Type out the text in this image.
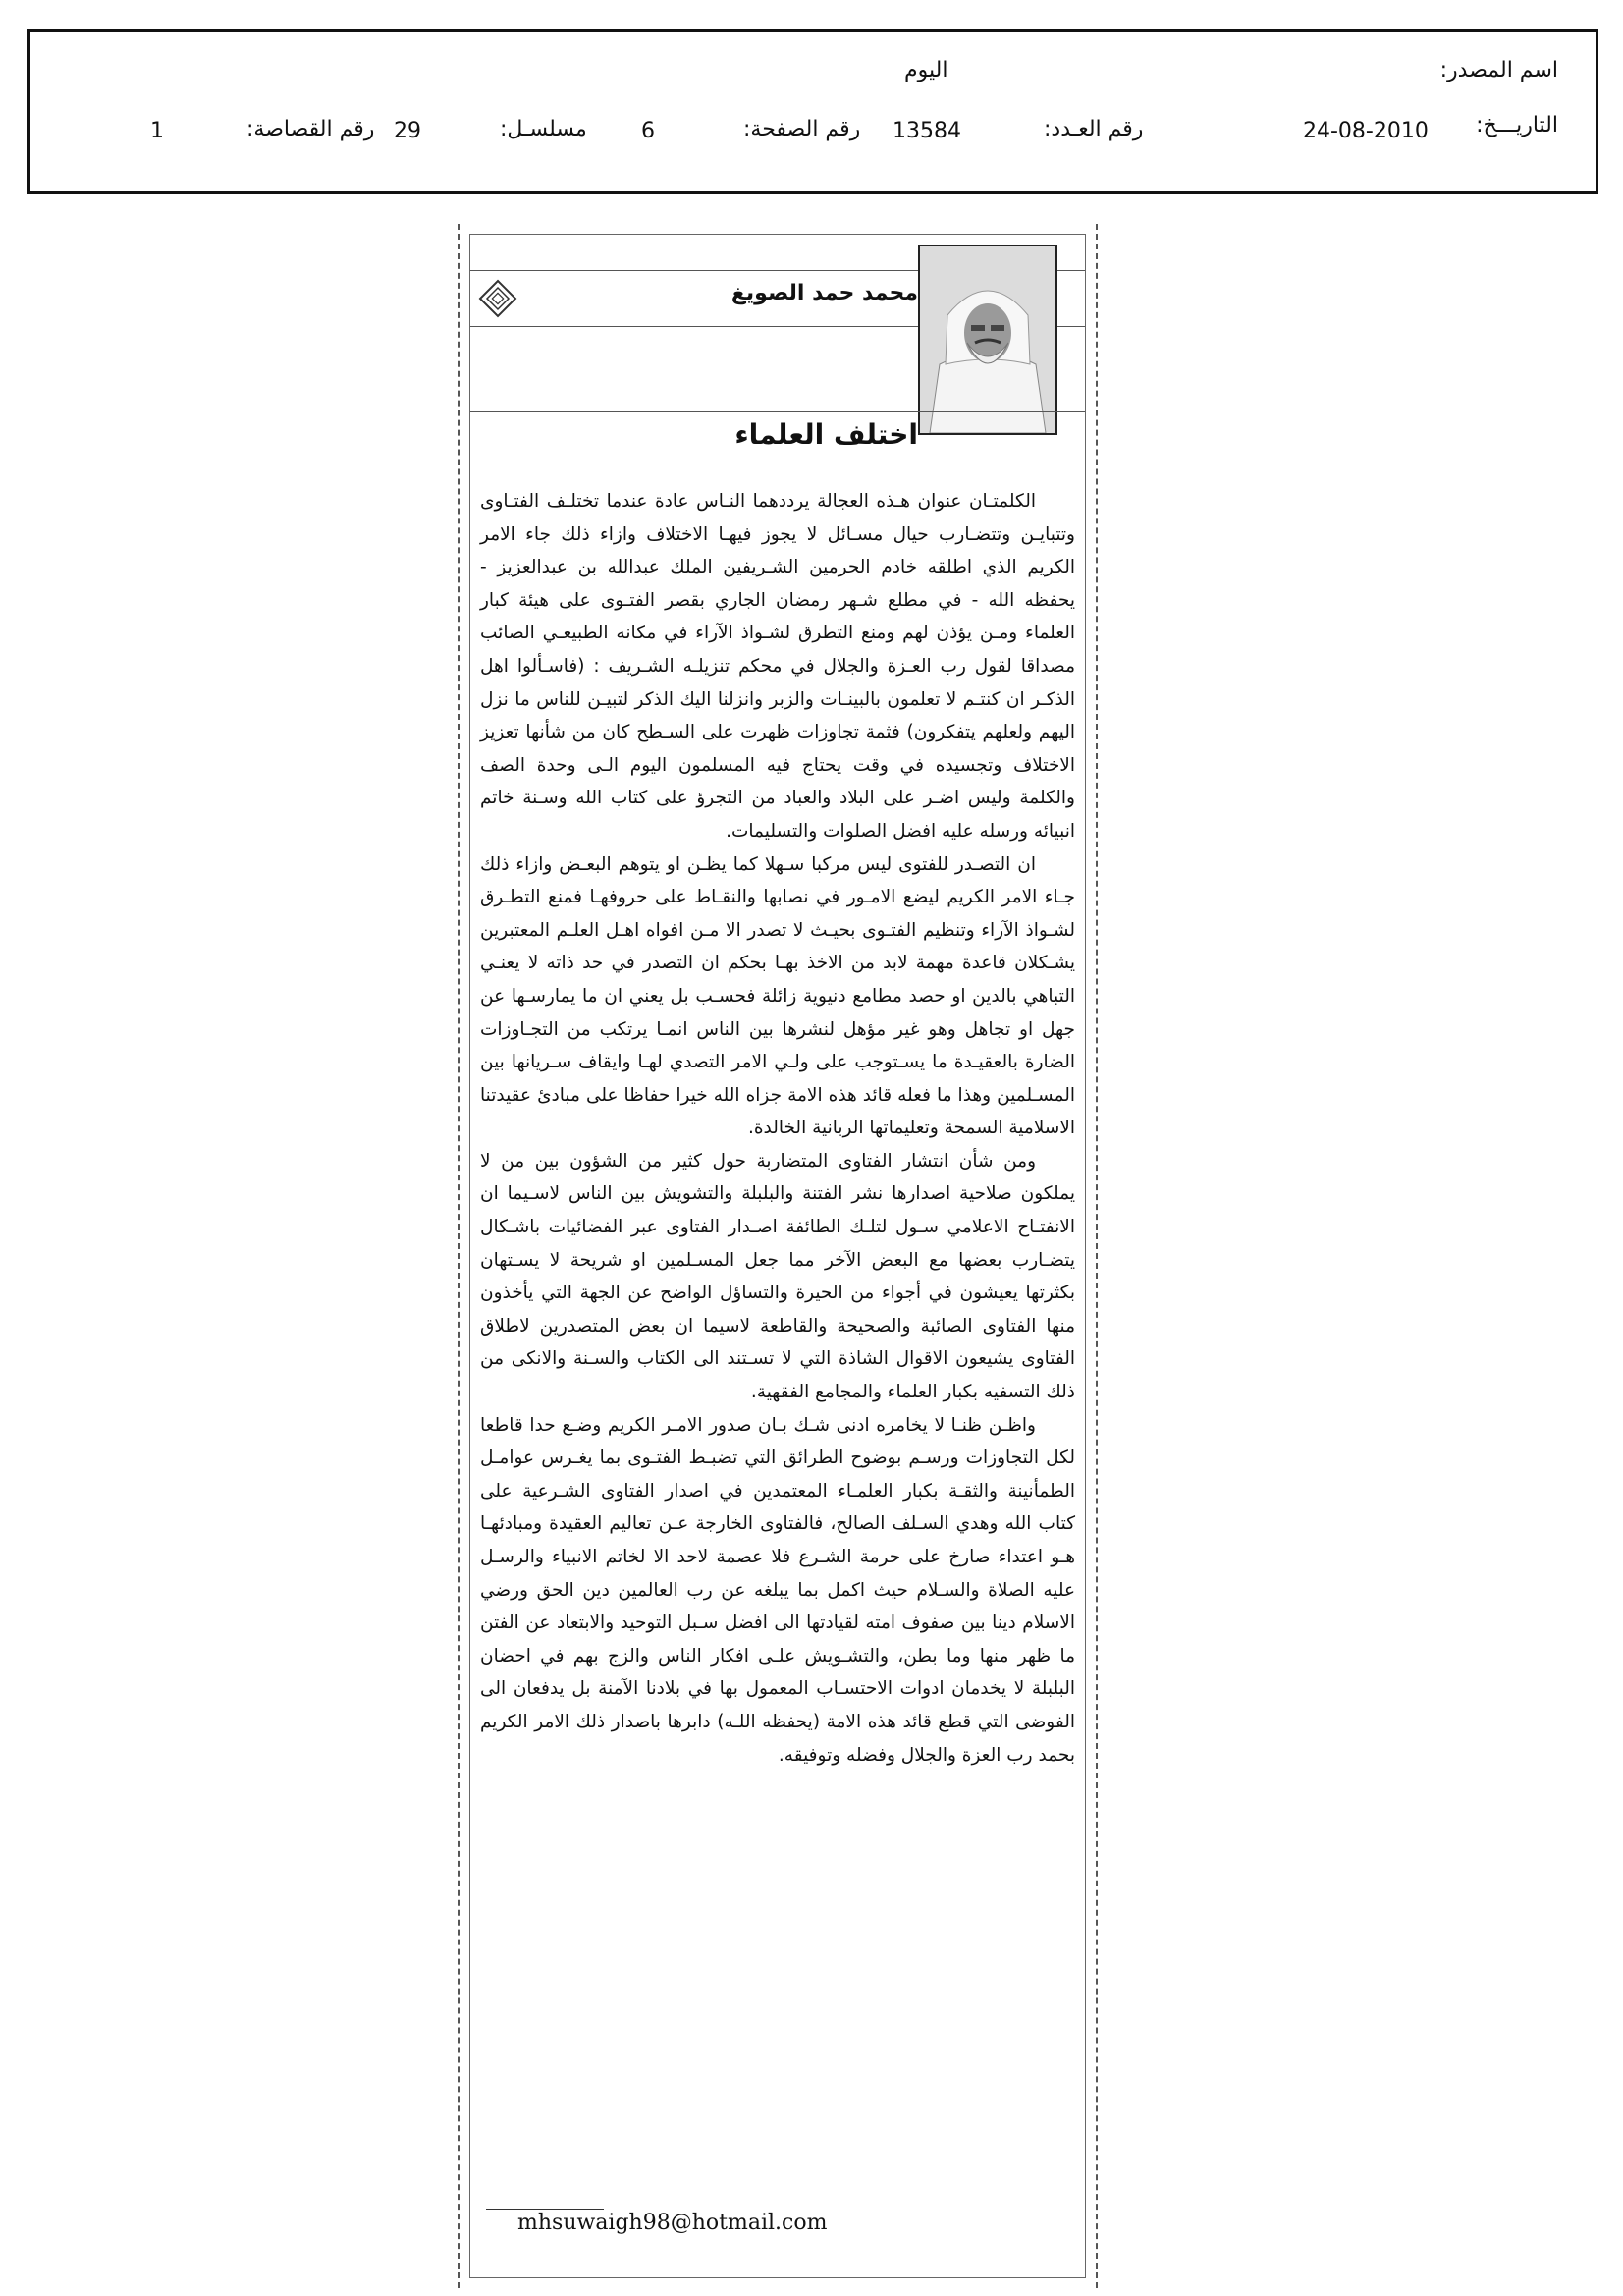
اسم المصدر:
اليوم
التاريـــخ:
24-08-2010
رقم العـدد:
13584
رقم الصفحة:
6
مسلسـل:
29
رقم القصاصة:
1
محمد حمد الصويغ
اختلف العلماء

الكلمتـان عنوان هـذه العجالة يرددهما النـاس عادة عندما تختلـف الفتـاوى وتتبايـن وتتضـارب حيال مسـائل لا يجوز فيهـا الاختلاف وازاء ذلك جاء الامر الكريم الذي اطلقه خادم الحرمين الشـريفين الملك عبدالله بن عبدالعزيز - يحفظه الله - في مطلع شـهر رمضان الجاري بقصر الفتـوى على هيئة كبار العلماء ومـن يؤذن لهم ومنع التطرق لشـواذ الآراء في مكانه الطبيعـي الصائب مصداقا لقول رب العـزة والجلال في محكم تنزيلـه الشـريف : (فاسـألوا اهل الذكـر ان كنتـم لا تعلمون بالبينـات والزبر وانزلنا اليك الذكر لتبيـن للناس ما نزل اليهم ولعلهم يتفكرون) فثمة تجاوزات ظهرت على السـطح كان من شأنها تعزيز الاختلاف وتجسيده في وقت يحتاج فيه المسلمون اليوم الـى وحدة الصف والكلمة وليس اضـر على البلاد والعباد من التجرؤ على كتاب الله وسـنة خاتم انبيائه ورسله عليه افضل الصلوات والتسليمات.

ان التصـدر للفتوى ليس مركبا سـهلا كما يظـن او يتوهم البعـض وازاء ذلك جـاء الامر الكريم ليضع الامـور في نصابها والنقـاط على حروفهـا فمنع التطـرق لشـواذ الآراء وتنظيم الفتـوى بحيـث لا تصدر الا مـن افواه اهـل العلـم المعتبرين يشـكلان قاعدة مهمة لابد من الاخذ بهـا بحكم ان التصدر في حد ذاته لا يعنـي التباهي بالدين او حصد مطامع دنيوية زائلة فحسـب بل يعني ان ما يمارسـها عن جهل او تجاهل وهو غير مؤهل لنشرها بين الناس انمـا يرتكب من التجـاوزات الضارة بالعقيـدة ما يسـتوجب على ولـي الامر التصدي لهـا وايقاف سـريانها بين المسـلمين وهذا ما فعله قائد هذه الامة جزاه الله خيرا حفاظا على مبادئ عقيدتنا الاسلامية السمحة وتعليماتها الربانية الخالدة.

ومن شأن انتشار الفتاوى المتضاربة حول كثير من الشؤون بين من لا يملكون صلاحية اصدارها نشر الفتنة والبلبلة والتشويش بين الناس لاسـيما ان الانفتـاح الاعلامي سـول لتلـك الطائفة اصـدار الفتاوى عبر الفضائيات باشـكال يتضـارب بعضها مع البعض الآخر مما جعل المسـلمين او شريحة لا يسـتهان بكثرتها يعيشون في أجواء من الحيرة والتساؤل الواضح عن الجهة التي يأخذون منها الفتاوى الصائبة والصحيحة والقاطعة لاسيما ان بعض المتصدرين لاطلاق الفتاوى يشيعون الاقوال الشاذة التي لا تسـتند الى الكتاب والسـنة والانكى من ذلك التسفيه بكبار العلماء والمجامع الفقهية.

واظـن ظنـا لا يخامره ادنى شـك بـان صدور الامـر الكريم وضـع حدا قاطعا لكل التجاوزات ورسـم بوضوح الطرائق التي تضبـط الفتـوى بما يغـرس عوامـل الطمأنينة والثقـة بكبار العلمـاء المعتمدين في اصدار الفتاوى الشـرعية على كتاب الله وهدي السـلف الصالح، فالفتاوى الخارجة عـن تعاليم العقيدة ومبادئهـا هـو اعتداء صارخ على حرمة الشـرع فلا عصمة لاحد الا لخاتم الانبياء والرسـل عليه الصلاة والسـلام حيث اكمل بما يبلغه عن رب العالمين دين الحق ورضي الاسلام دينا بين صفوف امته لقيادتها الى افضل سـبل التوحيد والابتعاد عن الفتن ما ظهر منها وما بطن، والتشـويش علـى افكار الناس والزج بهم في احضان البلبلة لا يخدمان ادوات الاحتسـاب المعمول بها في بلادنا الآمنة بل يدفعان الى الفوضى التي قطع قائد هذه الامة (يحفظه اللـه) دابرها باصدار ذلك الامر الكريم بحمد رب العزة والجلال وفضله وتوفيقه.

mhsuwaigh98@hotmail.com
